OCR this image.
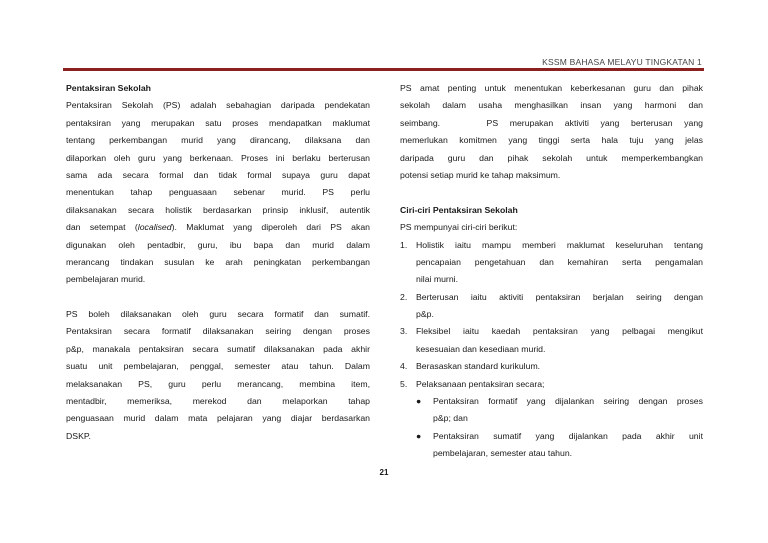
KSSM BAHASA MELAYU TINGKATAN 1
Pentaksiran Sekolah
Pentaksiran Sekolah (PS) adalah sebahagian daripada pendekatan
pentaksiran yang merupakan satu proses mendapatkan maklumat
tentang perkembangan murid yang dirancang, dilaksana dan
dilaporkan oleh guru yang berkenaan. Proses ini berlaku berterusan
sama ada secara formal dan tidak formal supaya guru dapat
menentukan tahap penguasaan sebenar murid. PS perlu
dilaksanakan secara holistik berdasarkan prinsip inklusif, autentik
dan setempat (localised). Maklumat yang diperoleh dari PS akan
digunakan oleh pentadbir, guru, ibu bapa dan murid dalam
merancang tindakan susulan ke arah peningkatan perkembangan
pembelajaran murid.
PS boleh dilaksanakan oleh guru secara formatif dan sumatif.
Pentaksiran secara formatif dilaksanakan seiring dengan proses
p&p, manakala pentaksiran secara sumatif dilaksanakan pada akhir
suatu unit pembelajaran, penggal, semester atau tahun. Dalam
melaksanakan PS, guru perlu merancang, membina item,
mentadbir, memeriksa, merekod dan melaporkan tahap
penguasaan murid dalam mata pelajaran yang diajar berdasarkan
DSKP.
PS amat penting untuk menentukan keberkesanan guru dan pihak
sekolah dalam usaha menghasilkan insan yang harmoni dan
seimbang.    PS merupakan aktiviti yang berterusan yang
memerlukan komitmen yang tinggi serta hala tuju yang jelas
daripada guru dan pihak sekolah untuk memperkembangkan
potensi setiap murid ke tahap maksimum.
Ciri-ciri Pentaksiran Sekolah
PS mempunyai ciri-ciri berikut:
1.	Holistik iaitu mampu memberi maklumat keseluruhan tentang
pencapaian pengetahuan dan kemahiran serta pengamalan
nilai murni.
2.	Berterusan iaitu aktiviti pentaksiran berjalan seiring dengan
p&p.
3.	Fleksibel iaitu kaedah pentaksiran yang pelbagai mengikut
kesesuaian dan kesediaan murid.
4.	Berasaskan standard kurikulum.
5.	Pelaksanaan pentaksiran secara;
●	Pentaksiran formatif yang dijalankan seiring dengan proses
p&p; dan
●	Pentaksiran sumatif yang dijalankan pada akhir unit
pembelajaran, semester atau tahun.
21
